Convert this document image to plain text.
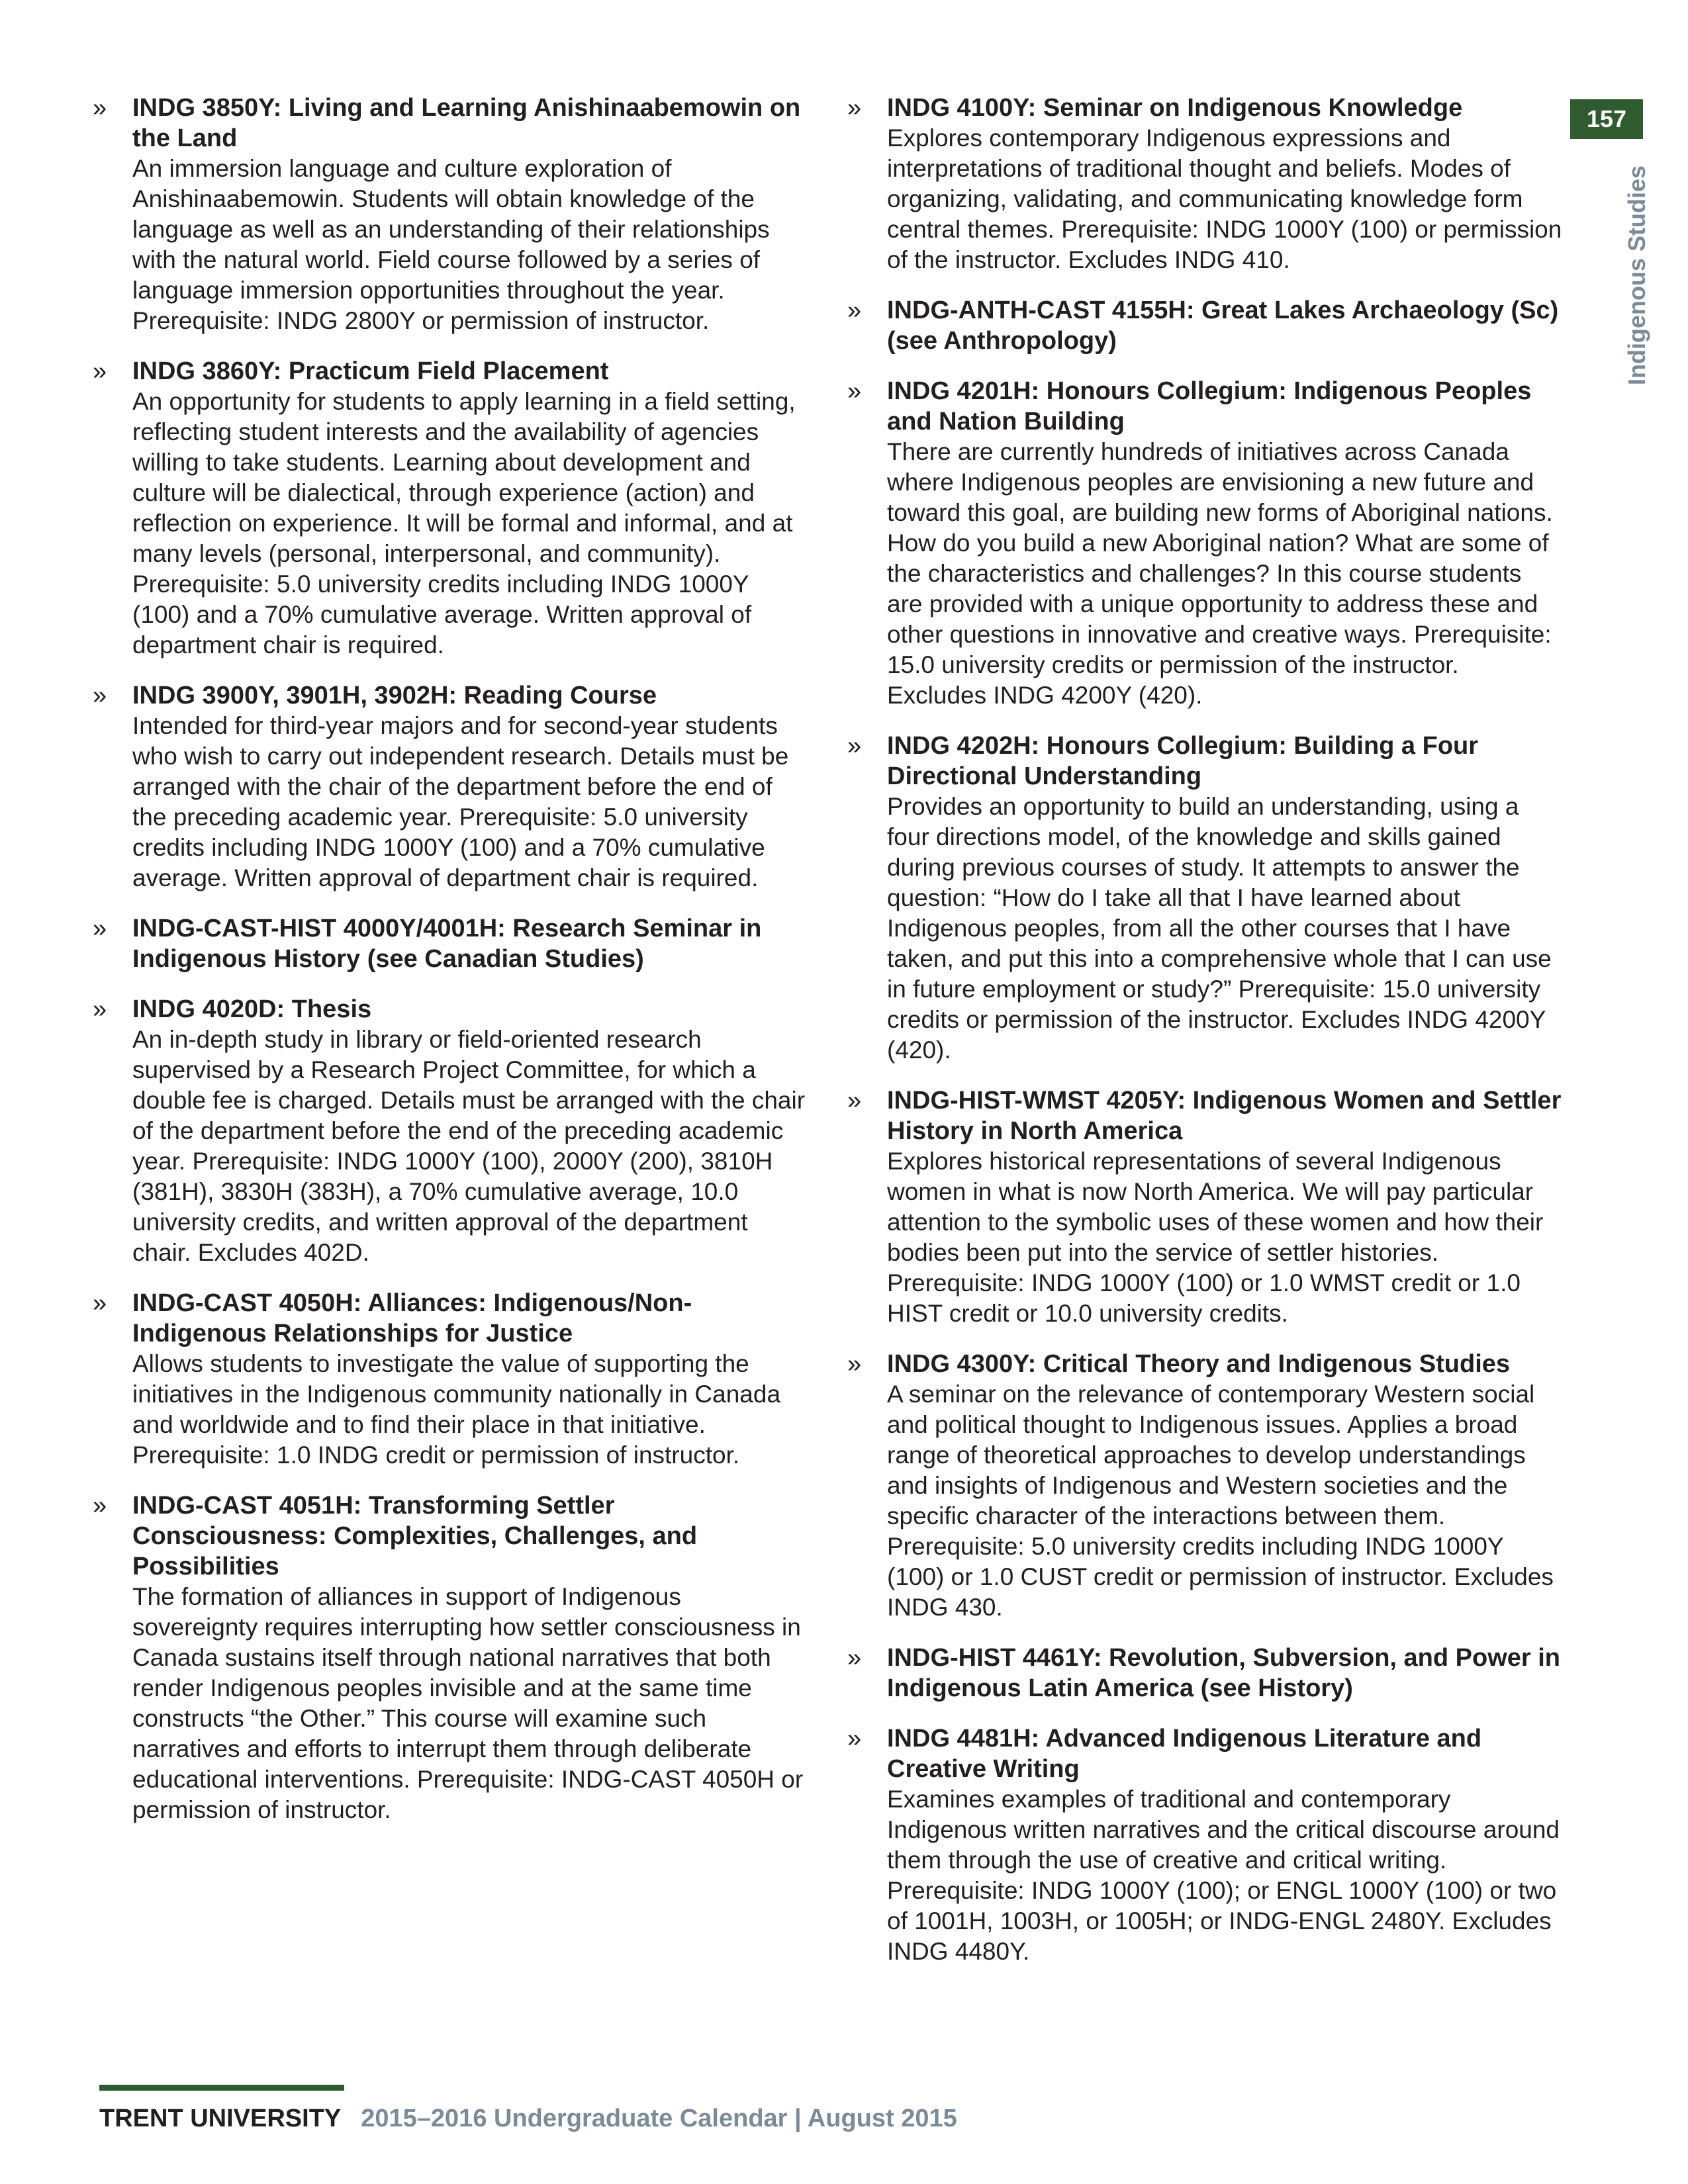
» INDG 3850Y: Living and Learning Anishinaabemowin on the Land
An immersion language and culture exploration of Anishinaabemowin. Students will obtain knowledge of the language as well as an understanding of their relationships with the natural world. Field course followed by a series of language immersion opportunities throughout the year. Prerequisite: INDG 2800Y or permission of instructor.
» INDG 3860Y: Practicum Field Placement
An opportunity for students to apply learning in a field setting, reflecting student interests and the availability of agencies willing to take students. Learning about development and culture will be dialectical, through experience (action) and reflection on experience. It will be formal and informal, and at many levels (personal, interpersonal, and community). Prerequisite: 5.0 university credits including INDG 1000Y (100) and a 70% cumulative average. Written approval of department chair is required.
» INDG 3900Y, 3901H, 3902H: Reading Course
Intended for third-year majors and for second-year students who wish to carry out independent research. Details must be arranged with the chair of the department before the end of the preceding academic year. Prerequisite: 5.0 university credits including INDG 1000Y (100) and a 70% cumulative average. Written approval of department chair is required.
» INDG-CAST-HIST 4000Y/4001H: Research Seminar in Indigenous History (see Canadian Studies)
» INDG 4020D: Thesis
An in-depth study in library or field-oriented research supervised by a Research Project Committee, for which a double fee is charged. Details must be arranged with the chair of the department before the end of the preceding academic year. Prerequisite: INDG 1000Y (100), 2000Y (200), 3810H (381H), 3830H (383H), a 70% cumulative average, 10.0 university credits, and written approval of the department chair. Excludes 402D.
» INDG-CAST 4050H: Alliances: Indigenous/Non-Indigenous Relationships for Justice
Allows students to investigate the value of supporting the initiatives in the Indigenous community nationally in Canada and worldwide and to find their place in that initiative. Prerequisite: 1.0 INDG credit or permission of instructor.
» INDG-CAST 4051H: Transforming Settler Consciousness: Complexities, Challenges, and Possibilities
The formation of alliances in support of Indigenous sovereignty requires interrupting how settler consciousness in Canada sustains itself through national narratives that both render Indigenous peoples invisible and at the same time constructs “the Other.” This course will examine such narratives and efforts to interrupt them through deliberate educational interventions. Prerequisite: INDG-CAST 4050H or permission of instructor.
» INDG 4100Y: Seminar on Indigenous Knowledge
Explores contemporary Indigenous expressions and interpretations of traditional thought and beliefs. Modes of organizing, validating, and communicating knowledge form central themes. Prerequisite: INDG 1000Y (100) or permission of the instructor. Excludes INDG 410.
» INDG-ANTH-CAST 4155H: Great Lakes Archaeology (Sc) (see Anthropology)
» INDG 4201H: Honours Collegium: Indigenous Peoples and Nation Building
There are currently hundreds of initiatives across Canada where Indigenous peoples are envisioning a new future and toward this goal, are building new forms of Aboriginal nations. How do you build a new Aboriginal nation? What are some of the characteristics and challenges? In this course students are provided with a unique opportunity to address these and other questions in innovative and creative ways. Prerequisite: 15.0 university credits or permission of the instructor. Excludes INDG 4200Y (420).
» INDG 4202H: Honours Collegium: Building a Four Directional Understanding
Provides an opportunity to build an understanding, using a four directions model, of the knowledge and skills gained during previous courses of study. It attempts to answer the question: “How do I take all that I have learned about Indigenous peoples, from all the other courses that I have taken, and put this into a comprehensive whole that I can use in future employment or study?” Prerequisite: 15.0 university credits or permission of the instructor. Excludes INDG 4200Y (420).
» INDG-HIST-WMST 4205Y: Indigenous Women and Settler History in North America
Explores historical representations of several Indigenous women in what is now North America. We will pay particular attention to the symbolic uses of these women and how their bodies been put into the service of settler histories. Prerequisite: INDG 1000Y (100) or 1.0 WMST credit or 1.0 HIST credit or 10.0 university credits.
» INDG 4300Y: Critical Theory and Indigenous Studies
A seminar on the relevance of contemporary Western social and political thought to Indigenous issues. Applies a broad range of theoretical approaches to develop understandings and insights of Indigenous and Western societies and the specific character of the interactions between them. Prerequisite: 5.0 university credits including INDG 1000Y (100) or 1.0 CUST credit or permission of instructor. Excludes INDG 430.
» INDG-HIST 4461Y: Revolution, Subversion, and Power in Indigenous Latin America (see History)
» INDG 4481H: Advanced Indigenous Literature and Creative Writing
Examines examples of traditional and contemporary Indigenous written narratives and the critical discourse around them through the use of creative and critical writing. Prerequisite: INDG 1000Y (100); or ENGL 1000Y (100) or two of 1001H, 1003H, or 1005H; or INDG-ENGL 2480Y. Excludes INDG 4480Y.
157
Indigenous Studies
TRENT UNIVERSITY 2015–2016 Undergraduate Calendar | August 2015
